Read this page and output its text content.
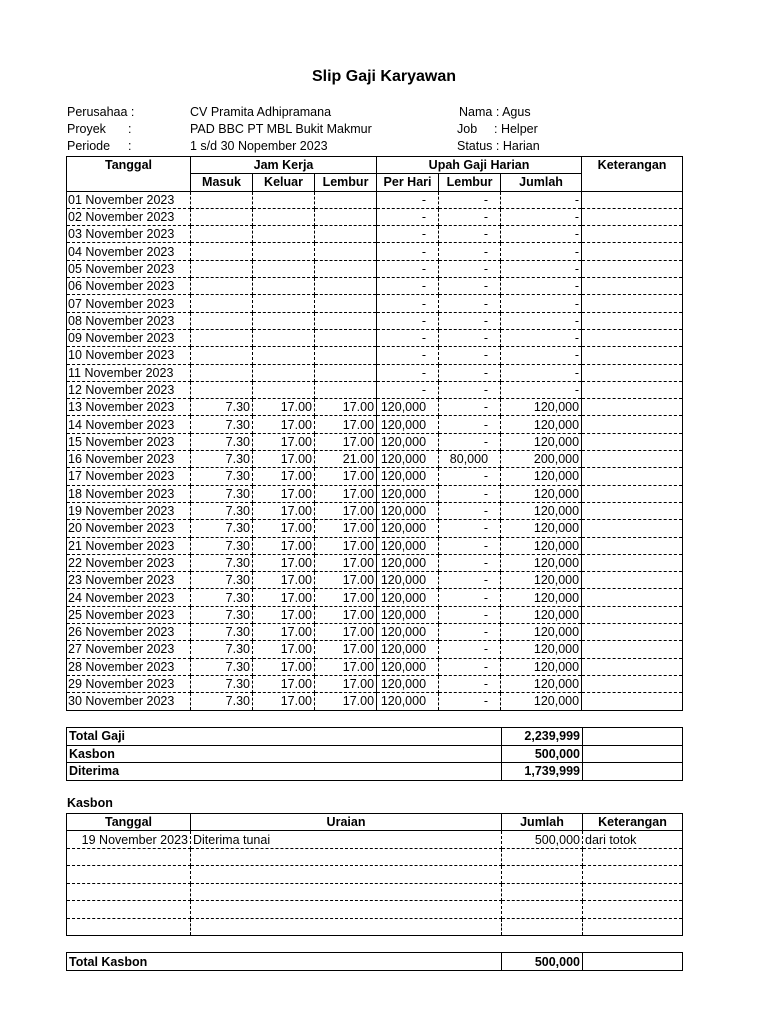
Slip Gaji Karyawan
Perusahaa :	CV Pramita Adhipramana
Proyek :	PAD BBC PT MBL Bukit Makmur
Periode :	1 s/d 30 Nopember 2023
Nama : Agus
Job : Helper
Status : Harian
Tanggal	Jam Kerja			Upah Gaji Harian			Keterangan
	Masuk	Keluar	Lembur	Per Hari	Lembur	Jumlah	
01 November 2023				-	-	-	
02 November 2023				-	-	-	
03 November 2023				-	-	-	
04 November 2023				-	-	-	
05 November 2023				-	-	-	
06 November 2023				-	-	-	
07 November 2023				-	-	-	
08 November 2023				-	-	-	
09 November 2023				-	-	-	
10 November 2023				-	-	-	
11 November 2023				-	-	-	
12 November 2023				-	-	-	
13 November 2023	7.30	17.00	17.00	120,000	-	120,000	
14 November 2023	7.30	17.00	17.00	120,000	-	120,000	
15 November 2023	7.30	17.00	17.00	120,000	-	120,000	
16 November 2023	7.30	17.00	21.00	120,000	80,000	200,000	
17 November 2023	7.30	17.00	17.00	120,000	-	120,000	
18 November 2023	7.30	17.00	17.00	120,000	-	120,000	
19 November 2023	7.30	17.00	17.00	120,000	-	120,000	
20 November 2023	7.30	17.00	17.00	120,000	-	120,000	
21 November 2023	7.30	17.00	17.00	120,000	-	120,000	
22 November 2023	7.30	17.00	17.00	120,000	-	120,000	
23 November 2023	7.30	17.00	17.00	120,000	-	120,000	
24 November 2023	7.30	17.00	17.00	120,000	-	120,000	
25 November 2023	7.30	17.00	17.00	120,000	-	120,000	
26 November 2023	7.30	17.00	17.00	120,000	-	120,000	
27 November 2023	7.30	17.00	17.00	120,000	-	120,000	
28 November 2023	7.30	17.00	17.00	120,000	-	120,000	
29 November 2023	7.30	17.00	17.00	120,000	-	120,000	
30 November 2023	7.30	17.00	17.00	120,000	-	120,000	
Total Gaji	2,239,999	
Kasbon	500,000	
Diterima	1,739,999	
Kasbon
Tanggal	Uraian	Jumlah	Keterangan
19 November 2023	Diterima tunai	500,000	dari totok

Total Kasbon	500,000	
